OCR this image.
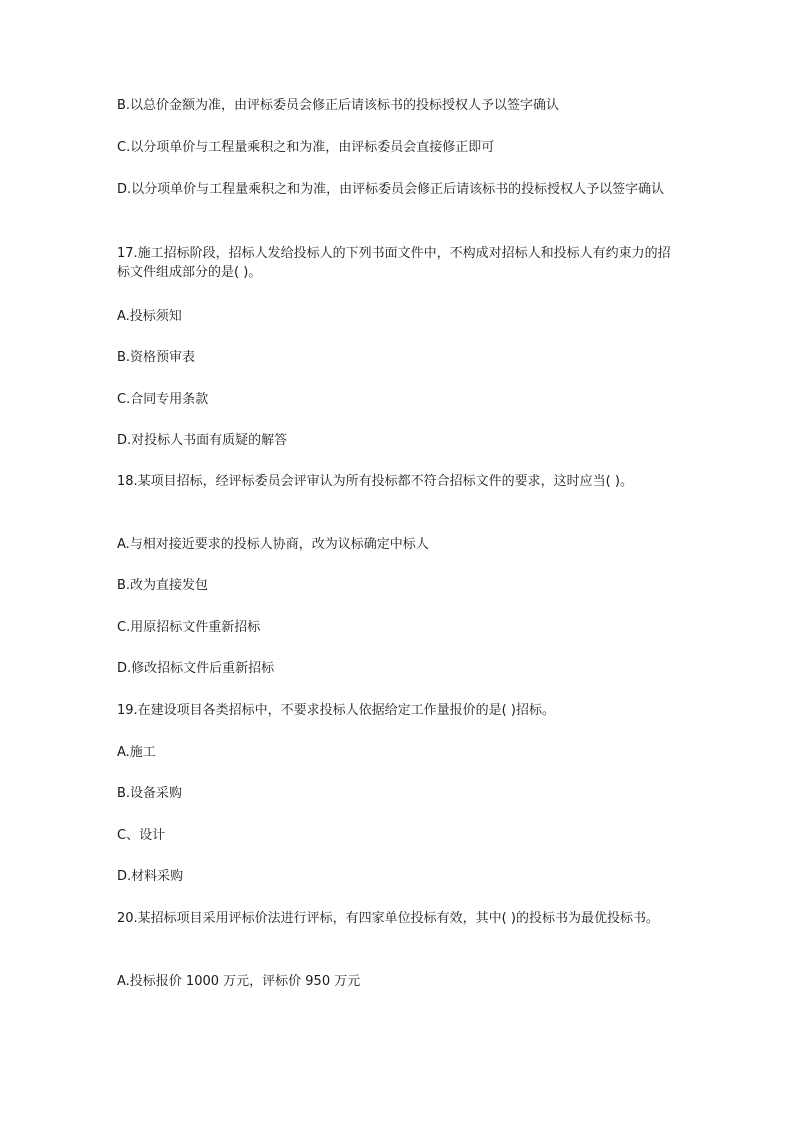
B.以总价金额为准，由评标委员会修正后请该标书的投标授权人予以签字确认

C.以分项单价与工程量乘积之和为准，由评标委员会直接修正即可

D.以分项单价与工程量乘积之和为准，由评标委员会修正后请该标书的投标授权人予以签字确认

17.施工招标阶段，招标人发给投标人的下列书面文件中，不构成对招标人和投标人有约束力的招标文件组成部分的是( )。

A.投标须知

B.资格预审表

C.合同专用条款

D.对投标人书面有质疑的解答

18.某项目招标，经评标委员会评审认为所有投标都不符合招标文件的要求，这时应当( )。

A.与相对接近要求的投标人协商，改为议标确定中标人

B.改为直接发包

C.用原招标文件重新招标

D.修改招标文件后重新招标

19.在建设项目各类招标中，不要求投标人依据给定工作量报价的是( )招标。

A.施工

B.设备采购

C、设计

D.材料采购

20.某招标项目采用评标价法进行评标，有四家单位投标有效，其中( )的投标书为最优投标书。

A.投标报价 1000 万元，评标价 950 万元
